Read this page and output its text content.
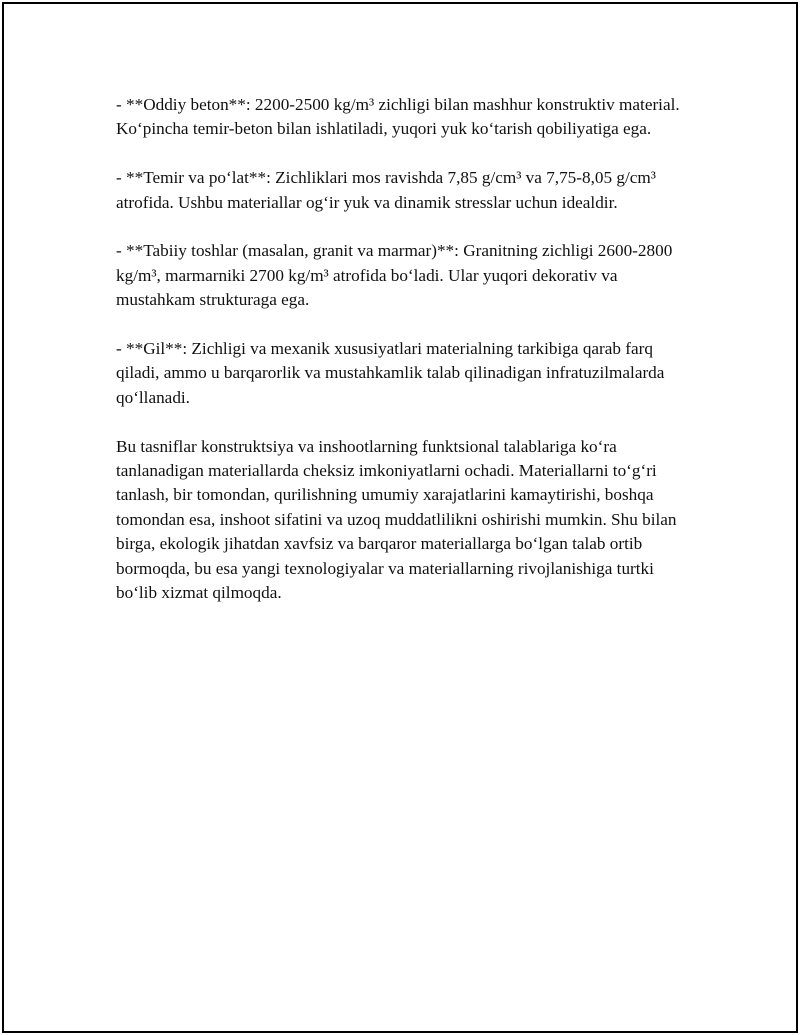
- **Oddiy beton**: 2200-2500 kg/m³ zichligi bilan mashhur konstruktiv material. Ko‘pincha temir-beton bilan ishlatiladi, yuqori yuk ko‘tarish qobiliyatiga ega.

- **Temir va po‘lat**: Zichliklari mos ravishda 7,85 g/cm³ va 7,75-8,05 g/cm³ atrofida. Ushbu materiallar og‘ir yuk va dinamik stresslar uchun idealdir.

- **Tabiiy toshlar (masalan, granit va marmar)**: Granitning zichligi 2600-2800 kg/m³, marmarniki 2700 kg/m³ atrofida bo‘ladi. Ular yuqori dekorativ va mustahkam strukturaga ega.

- **Gil**: Zichligi va mexanik xususiyatlari materialning tarkibiga qarab farq qiladi, ammo u barqarorlik va mustahkamlik talab qilinadigan infratuzilmalarda qo‘llanadi.

Bu tasniflar konstruktsiya va inshootlarning funktsional talablariga ko‘ra tanlanadigan materiallarda cheksiz imkoniyatlarni ochadi. Materiallarni to‘g‘ri tanlash, bir tomondan, qurilishning umumiy xarajatlarini kamaytirishi, boshqa tomondan esa, inshoot sifatini va uzoq muddatlilikni oshirishi mumkin. Shu bilan birga, ekologik jihatdan xavfsiz va barqaror materiallarga bo‘lgan talab ortib bormoqda, bu esa yangi texnologiyalar va materiallarning rivojlanishiga turtki bo‘lib xizmat qilmoqda.
